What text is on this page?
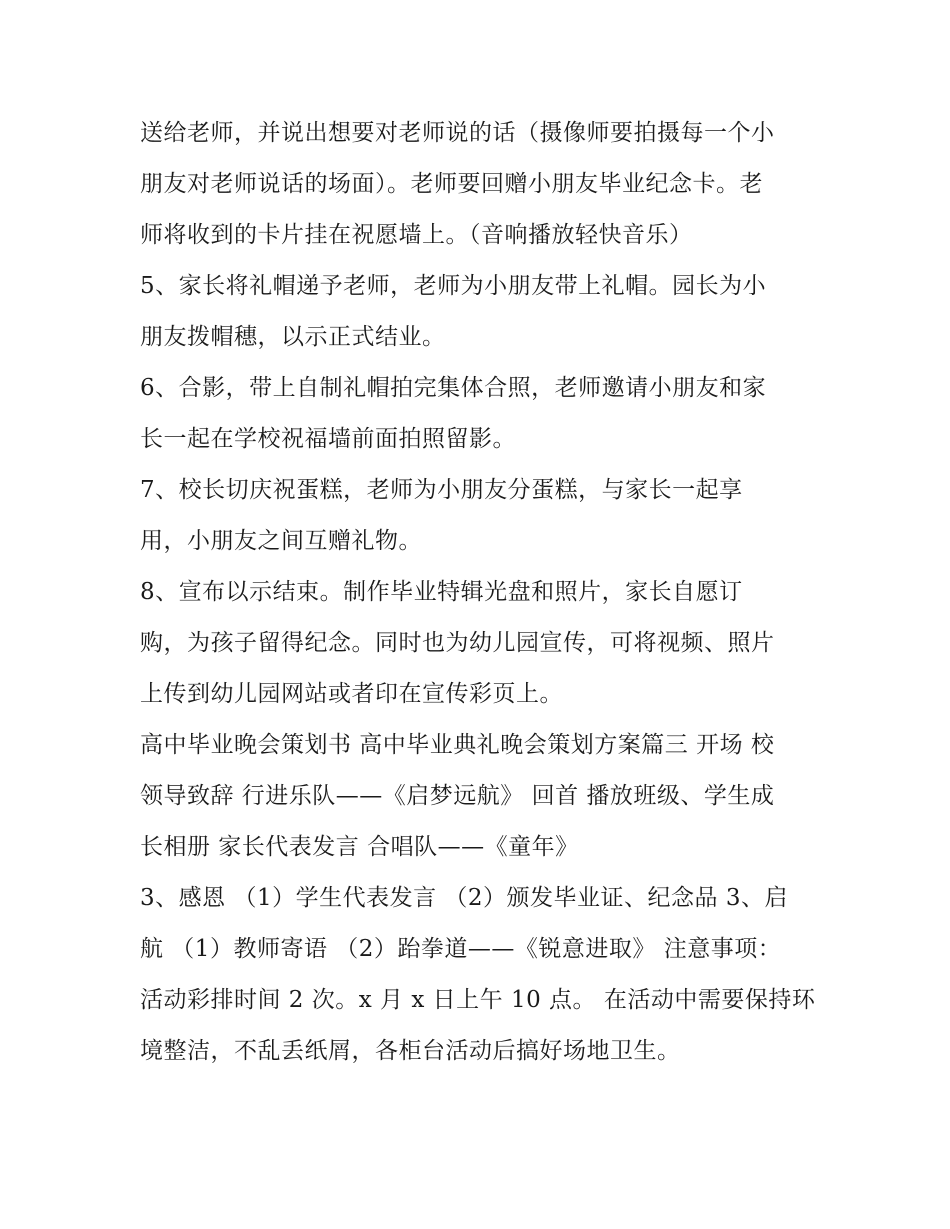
送给老师，并说出想要对老师说的话（摄像师要拍摄每一个小
朋友对老师说话的场面）。老师要回赠小朋友毕业纪念卡。老
师将收到的卡片挂在祝愿墙上。（音响播放轻快音乐）
5、家长将礼帽递予老师，老师为小朋友带上礼帽。园长为小
朋友拨帽穗，以示正式结业。
6、合影，带上自制礼帽拍完集体合照，老师邀请小朋友和家
长一起在学校祝福墙前面拍照留影。
7、校长切庆祝蛋糕，老师为小朋友分蛋糕，与家长一起享
用，小朋友之间互赠礼物。
8、宣布以示结束。制作毕业特辑光盘和照片，家长自愿订
购，为孩子留得纪念。同时也为幼儿园宣传，可将视频、照片
上传到幼儿园网站或者印在宣传彩页上。
高中毕业晚会策划书 高中毕业典礼晚会策划方案篇三 开场 校
领导致辞 行进乐队——《启梦远航》 回首 播放班级、学生成
长相册 家长代表发言 合唱队——《童年》
3、感恩 （1）学生代表发言 （2）颁发毕业证、纪念品 3、启
航 （1）教师寄语 （2）跆拳道——《锐意进取》 注意事项：
活动彩排时间 2 次。x 月 x 日上午 10 点。 在活动中需要保持环
境整洁，不乱丢纸屑，各柜台活动后搞好场地卫生。
